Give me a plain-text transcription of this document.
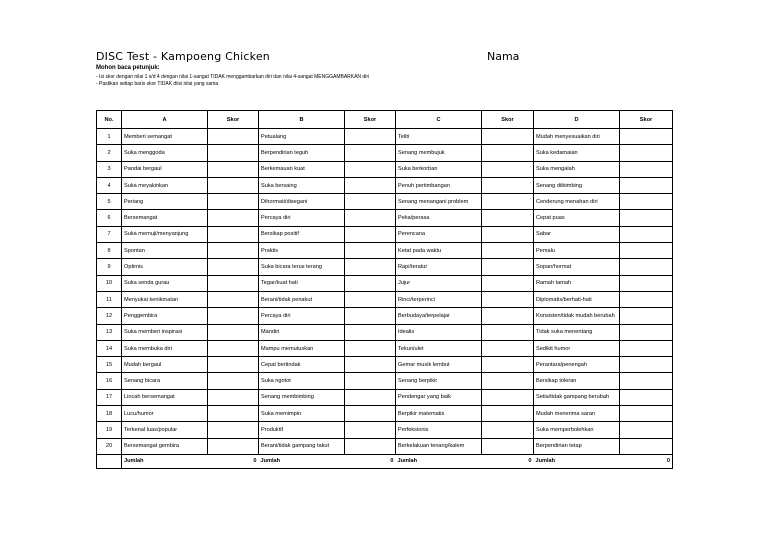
DISC Test - Kampoeng Chicken	Nama
Mohon baca petunjuk:
- Isi skor dengan nilai 1 s/d 4 dengan nilai 1-sangat TIDAK menggambarkan diri dan nilai 4-sangat MENGGAMBARKAN diri
- Pastikan setiap baris skor TIDAK diisi nilai yang sama
No.	A	Skor	B	Skor	C	Skor	D	Skor
1	Memberi semangat		Petualang		Teliti		Mudah menyesuaikan diri	
2	Suka menggoda		Berpendirian teguh		Senang membujuk		Suka kedamaian	
3	Pandai bergaul		Berkemauan kuat		Suka berkorban		Suka mengalah	
4	Suka meyakinkan		Suka bersaing		Penuh pertimbangan		Senang diibimbing	
5	Periang		Dihormati/disegani		Senang menangani problem		Cenderung menahan diri	
6	Bersemangat		Percaya diri		Peka/perasa		Cepat puas	
7	Suka memuji/menyanjung		Bersikap positif		Perencana		Sabar	
8	Spontan		Praktis		Ketat pada waktu		Pemalu	
9	Optimis		Suka bicara terus terang		Rapi/teratur		Sopan/hormat	
10	Suka senda gurau		Tegar/kuat hati		Jujur		Ramah tamah	
11	Menyukai kenikmatan		Berani/tidak penakut		Rinci/terperinci		Diplomatis/berhati-hati	
12	Penggembira		Percaya diri		Berbudaya/terpelajar		Konsisten/tidak mudah berubah	
13	Suka memberi inspirasi		Mandiri		Idealis		Tidak suka menentang	
14	Suka membuka diri		Mampu memutuskan		Tekun/ulet		Sedikit humor	
15	Mudah bergaul		Cepat bertindak		Gemar musik lembut		Perantara/penengah	
16	Senang bicara		Suka ngotot		Senang berpikir		Bersikap toleran	
17	Lincah bersemangat		Senang membimbing		Pendengar yang baik		Setia/tidak gampang berubah	
18	Lucu/humor		Suka memimpin		Berpikir matematis		Mudah menerima saran	
19	Terkenal luas/popular		Produktif		Perfeksionis		Suka memperbolehkan	
20	Bersemangat gembira		Berani/tidak gampang takut		Berkelakuan tenang/kalem		Berpendirian tetap	
	Jumlah	0	Jumlah	0	Jumlah	0	Jumlah	0
